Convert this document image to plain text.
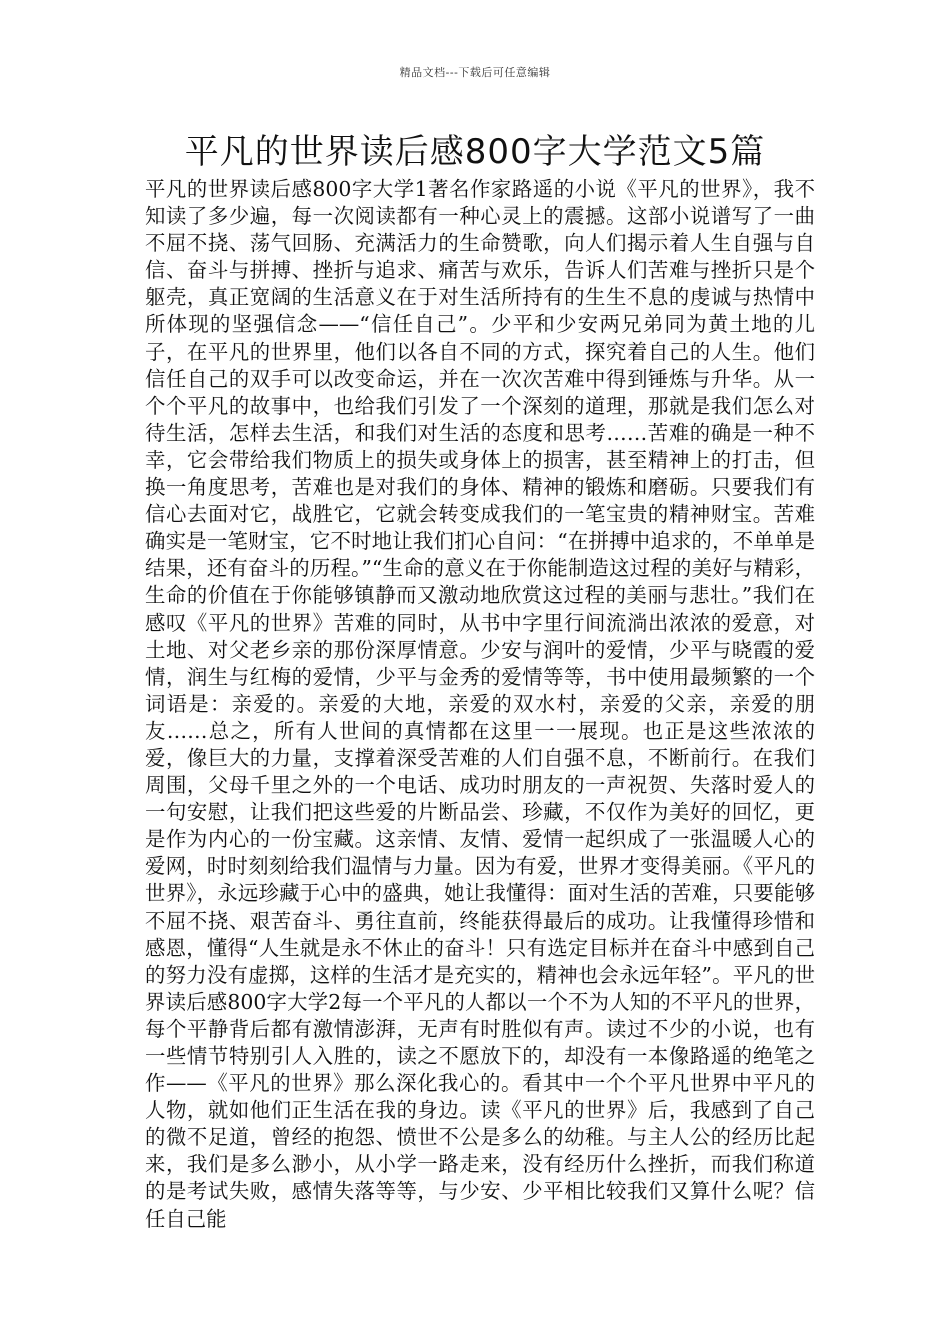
精品文档---下载后可任意编辑
平凡的世界读后感800字大学范文5篇

平凡的世界读后感800字大学1著名作家路遥的小说《平凡的世界》，我不知读了多少遍，每一次阅读都有一种心灵上的震撼。这部小说谱写了一曲不屈不挠、荡气回肠、充满活力的生命赞歌，向人们揭示着人生自强与自信、奋斗与拼搏、挫折与追求、痛苦与欢乐，告诉人们苦难与挫折只是个躯壳，真正宽阔的生活意义在于对生活所持有的生生不息的虔诚与热情中所体现的坚强信念——“信任自己”。少平和少安两兄弟同为黄土地的儿子，在平凡的世界里，他们以各自不同的方式，探究着自己的人生。他们信任自己的双手可以改变命运，并在一次次苦难中得到锤炼与升华。从一个个平凡的故事中，也给我们引发了一个深刻的道理，那就是我们怎么对待生活，怎样去生活，和我们对生活的态度和思考……苦难的确是一种不幸，它会带给我们物质上的损失或身体上的损害，甚至精神上的打击，但换一角度思考，苦难也是对我们的身体、精神的锻炼和磨砺。只要我们有信心去面对它，战胜它，它就会转变成我们的一笔宝贵的精神财宝。苦难确实是一笔财宝，它不时地让我们扪心自问：“在拼搏中追求的，不单单是结果，还有奋斗的历程。”“生命的意义在于你能制造这过程的美好与精彩，生命的价值在于你能够镇静而又激动地欣赏这过程的美丽与悲壮。”我们在感叹《平凡的世界》苦难的同时，从书中字里行间流淌出浓浓的爱意，对土地、对父老乡亲的那份深厚情意。少安与润叶的爱情，少平与晓霞的爱情，润生与红梅的爱情，少平与金秀的爱情等等，书中使用最频繁的一个词语是：亲爱的。亲爱的大地，亲爱的双水村，亲爱的父亲，亲爱的朋友……总之，所有人世间的真情都在这里一一展现。也正是这些浓浓的爱，像巨大的力量，支撑着深受苦难的人们自强不息，不断前行。在我们周围，父母千里之外的一个电话、成功时朋友的一声祝贺、失落时爱人的一句安慰，让我们把这些爱的片断品尝、珍藏，不仅作为美好的回忆，更是作为内心的一份宝藏。这亲情、友情、爱情一起织成了一张温暖人心的爱网，时时刻刻给我们温情与力量。因为有爱，世界才变得美丽。《平凡的世界》，永远珍藏于心中的盛典，她让我懂得：面对生活的苦难，只要能够不屈不挠、艰苦奋斗、勇往直前，终能获得最后的成功。让我懂得珍惜和感恩，懂得“人生就是永不休止的奋斗！只有选定目标并在奋斗中感到自己的努力没有虚掷，这样的生活才是充实的，精神也会永远年轻”。平凡的世界读后感800字大学2每一个平凡的人都以一个不为人知的不平凡的世界，每个平静背后都有激情澎湃，无声有时胜似有声。读过不少的小说，也有一些情节特别引人入胜的，读之不愿放下的，却没有一本像路遥的绝笔之作——《平凡的世界》那么深化我心的。看其中一个个平凡世界中平凡的人物，就如他们正生活在我的身边。读《平凡的世界》后，我感到了自己的微不足道，曾经的抱怨、愤世不公是多么的幼稚。与主人公的经历比起来，我们是多么渺小，从小学一路走来，没有经历什么挫折，而我们称道的是考试失败，感情失落等等，与少安、少平相比较我们又算什么呢？信任自己能
